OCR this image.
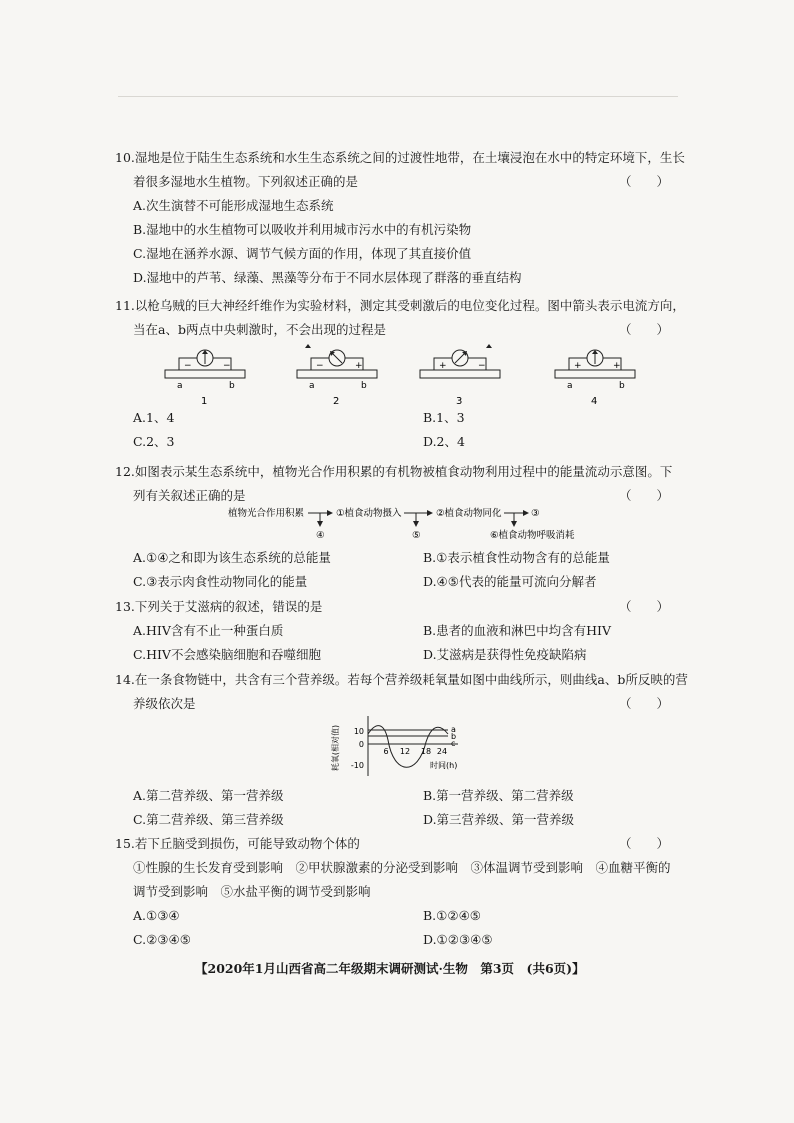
10.湿地是位于陆生生态系统和水生生态系统之间的过渡性地带，在土壤浸泡在水中的特定环境下，生长
着很多湿地水生植物。下列叙述正确的是	（　　）
A.次生演替不可能形成湿地生态系统
B.湿地中的水生植物可以吸收并利用城市污水中的有机污染物
C.湿地在涵养水源、调节气候方面的作用，体现了其直接价值
D.湿地中的芦苇、绿藻、黑藻等分布于不同水层体现了群落的垂直结构
11.以枪乌贼的巨大神经纤维作为实验材料，测定其受刺激后的电位变化过程。图中箭头表示电流方向，
当在a、b两点中央刺激时，不会出现的过程是	（　　）
−	−
a	b
1
−	+
a	b
2
+	−
3
+	+
a	b
4
A.1、4	B.1、3
C.2、3	D.2、4
12.如图表示某生态系统中，植物光合作用积累的有机物被植食动物利用过程中的能量流动示意图。下
列有关叙述正确的是	（　　）
植物光合作用积累
④
①植食动物摄入
⑤
②植食动物同化	③
⑥植食动物呼吸消耗
A.①④之和即为该生态系统的总能量	B.①表示植食性动物含有的总能量
C.③表示肉食性动物同化的能量	D.④⑤代表的能量可流向分解者
13.下列关于艾滋病的叙述，错误的是	（　　）
A.HIV含有不止一种蛋白质	B.患者的血液和淋巴中均含有HIV
C.HIV不会感染脑细胞和吞噬细胞	D.艾滋病是获得性免疫缺陷病
14.在一条食物链中，共含有三个营养级。若每个营养级耗氧量如图中曲线所示，则曲线a、b所反映的营
养级依次是	（　　）
耗氧(相对值) 10
0
-10
a
b
c
6 12 18 24
时间(h)
A.第二营养级、第一营养级	B.第一营养级、第二营养级
C.第二营养级、第三营养级	D.第三营养级、第一营养级
15.若下丘脑受到损伤，可能导致动物个体的	（　　）
①性腺的生长发育受到影响　②甲状腺激素的分泌受到影响　③体温调节受到影响　④血糖平衡的
调节受到影响　⑤水盐平衡的调节受到影响
A.①③④	B.①②④⑤
C.②③④⑤	D.①②③④⑤
【2020年1月山西省高二年级期末调研测试·生物　第3页　(共6页)】
